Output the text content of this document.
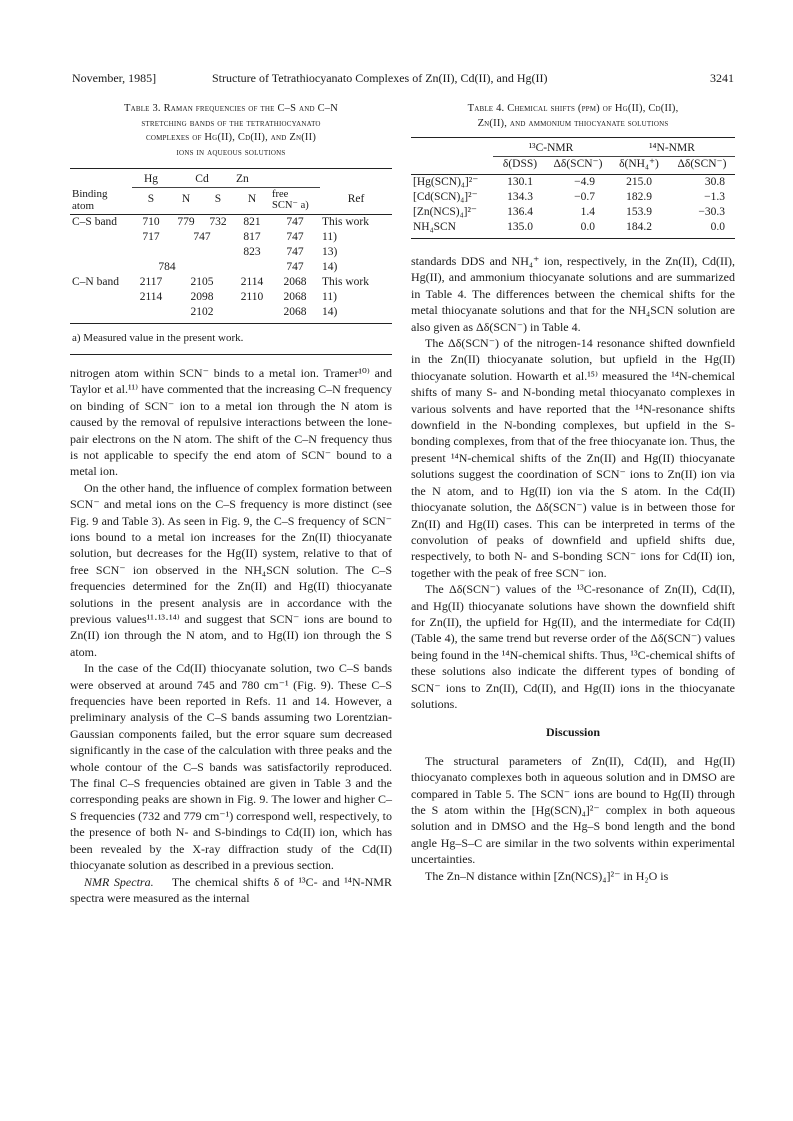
November, 1985]	Structure of Tetrathiocyanato Complexes of Zn(II), Cd(II), and Hg(II)	3241
Table 3. Raman frequencies of the C–S and C–N
stretching bands of the tetrathiocyanato
complexes of Hg(II), Cd(II), and Zn(II)
ions in aqueous solutions
	Hg	Cd		Zn		
Binding
atom	S	N	S	N	free
SCN⁻ a)	Ref
C–S band	710	779	732	821	747	This work
	717	747		817	747	11)
				823	747	13)
	784				747	14)
C–N band	2117	2105		2114	2068	This work
	2114	2098		2110	2068	11)
		2102			2068	14)
a) Measured value in the present work.

nitrogen atom within SCN⁻ binds to a metal ion. Tramer¹⁰⁾ and Taylor et al.¹¹⁾ have commented that the increasing C–N frequency on binding of SCN⁻ ion to a metal ion through the N atom is caused by the removal of repulsive interactions between the lone-pair electrons on the N atom. The shift of the C–N frequency thus is not applicable to specify the end atom of SCN⁻ bound to a metal ion.

On the other hand, the influence of complex formation between SCN⁻ and metal ions on the C–S frequency is more distinct (see Fig. 9 and Table 3). As seen in Fig. 9, the C–S frequency of SCN⁻ ions bound to a metal ion increases for the Zn(II) thiocyanate solution, but decreases for the Hg(II) system, relative to that of free SCN⁻ ion observed in the NH₄SCN solution. The C–S frequencies determined for the Zn(II) and Hg(II) thiocyanate solutions in the present analysis are in accordance with the previous values¹¹·¹³·¹⁴⁾ and suggest that SCN⁻ ions are bound to Zn(II) ion through the N atom, and to Hg(II) ion through the S atom.

In the case of the Cd(II) thiocyanate solution, two C–S bands were observed at around 745 and 780 cm⁻¹ (Fig. 9). These C–S frequencies have been reported in Refs. 11 and 14. However, a preliminary analysis of the C–S bands assuming two Lorentzian-Gaussian components failed, but the error square sum decreased significantly in the case of the calculation with three peaks and the whole contour of the C–S bands was satisfactorily reproduced. The final C–S frequencies obtained are given in Table 3 and the corresponding peaks are shown in Fig. 9. The lower and higher C–S frequencies (732 and 779 cm⁻¹) correspond well, respectively, to the presence of both N- and S-bindings to Cd(II) ion, which has been revealed by the X-ray diffraction study of the Cd(II) thiocyanate solution as described in a previous section.

NMR Spectra. The chemical shifts δ of ¹³C- and ¹⁴N-NMR spectra were measured as the internal

Table 4. Chemical shifts (ppm) of Hg(II), Cd(II),
Zn(II), and ammonium thiocyanate solutions
	¹³C-NMR		¹⁴N-NMR	
	δ(DSS)	Δδ(SCN⁻)	δ(NH₄⁺)	Δδ(SCN⁻)
[Hg(SCN)₄]²⁻	130.1	−4.9	215.0	30.8
[Cd(SCN)₄]²⁻	134.3	−0.7	182.9	−1.3
[Zn(NCS)₄]²⁻	136.4	1.4	153.9	−30.3
NH₄SCN	135.0	0.0	184.2	0.0

standards DDS and NH₄⁺ ion, respectively, in the Zn(II), Cd(II), Hg(II), and ammonium thiocyanate solutions and are summarized in Table 4. The differences between the chemical shifts for the metal thiocyanate solutions and that for the NH₄SCN solution are also given as Δδ(SCN⁻) in Table 4.

The Δδ(SCN⁻) of the nitrogen-14 resonance shifted downfield in the Zn(II) thiocyanate solution, but upfield in the Hg(II) thiocyanate solution. Howarth et al.¹⁵⁾ measured the ¹⁴N-chemical shifts of many S- and N-bonding metal thiocyanato complexes in various solvents and have reported that the ¹⁴N-resonance shifts downfield in the N-bonding complexes, but upfield in the S-bonding complexes, from that of the free thiocyanate ion. Thus, the present ¹⁴N-chemical shifts of the Zn(II) and Hg(II) thiocyanate solutions suggest the coordination of SCN⁻ ions to Zn(II) ion via the N atom, and to Hg(II) ion via the S atom. In the Cd(II) thiocyanate solution, the Δδ(SCN⁻) value is in between those for Zn(II) and Hg(II) cases. This can be interpreted in terms of the convolution of peaks of downfield and upfield shifts due, respectively, to both N- and S-bonding SCN⁻ ions for Cd(II) ion, together with the peak of free SCN⁻ ion.

The Δδ(SCN⁻) values of the ¹³C-resonance of Zn(II), Cd(II), and Hg(II) thiocyanate solutions have shown the downfield shift for Zn(II), the upfield for Hg(II), and the intermediate for Cd(II) (Table 4), the same trend but reverse order of the Δδ(SCN⁻) values being found in the ¹⁴N-chemical shifts. Thus, ¹³C-chemical shifts of these solutions also indicate the different types of bonding of SCN⁻ ions to Zn(II), Cd(II), and Hg(II) ions in the thiocyanate solutions.

Discussion

The structural parameters of Zn(II), Cd(II), and Hg(II) thiocyanato complexes both in aqueous solution and in DMSO are compared in Table 5. The SCN⁻ ions are bound to Hg(II) through the S atom within the [Hg(SCN)₄]²⁻ complex in both aqueous solution and in DMSO and the Hg–S bond length and the bond angle Hg–S–C are similar in the two solvents within experimental uncertainties.

The Zn–N distance within [Zn(NCS)₄]²⁻ in H₂O is
